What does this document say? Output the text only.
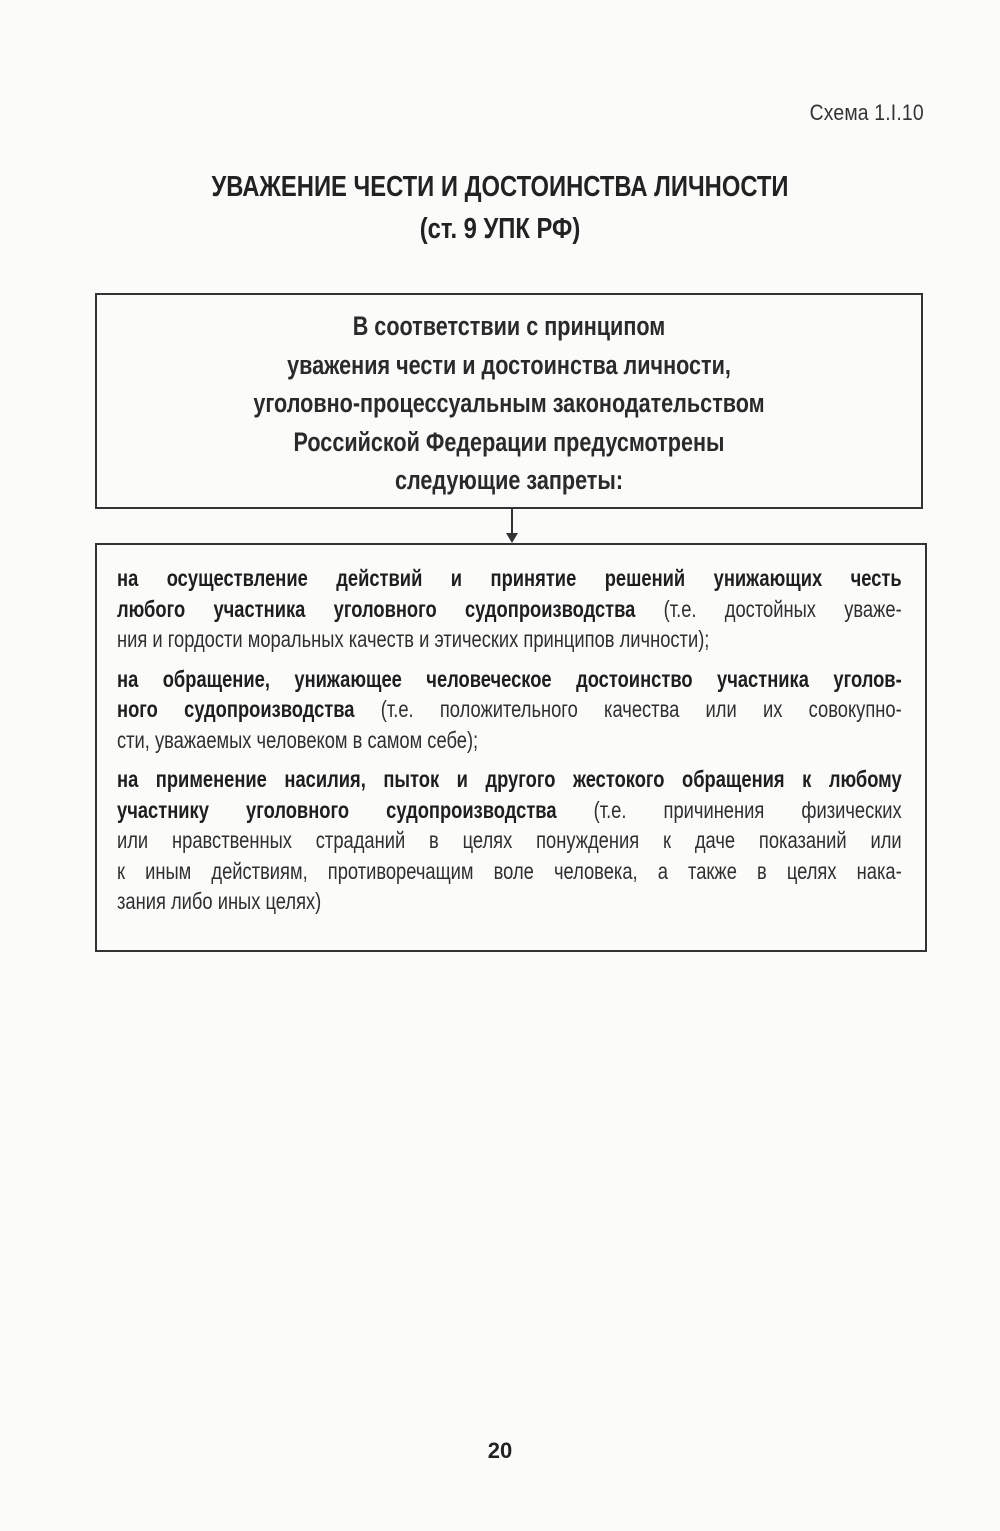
Схема 1.І.10
УВАЖЕНИЕ ЧЕСТИ И ДОСТОИНСТВА ЛИЧНОСТИ
(ст. 9 УПК РФ)
В соответствии с принципом
уважения чести и достоинства личности,
уголовно-процессуальным законодательством
Российской Федерации предусмотрены
следующие запреты:
на осуществление действий и принятие решений унижающих честь
любого участника уголовного судопроизводства (т.е. достойных уваже-
ния и гордости моральных качеств и этических принципов личности);
на обращение, унижающее человеческое достоинство участника уголов-
ного судопроизводства (т.е. положительного качества или их совокупно-
сти, уважаемых человеком в самом себе);
на применение насилия, пыток и другого жестокого обращения к любому
участнику уголовного судопроизводства (т.е. причинения физических
или нравственных страданий в целях понуждения к даче показаний или
к иным действиям, противоречащим воле человека, а также в целях нака-
зания либо иных целях)
20
